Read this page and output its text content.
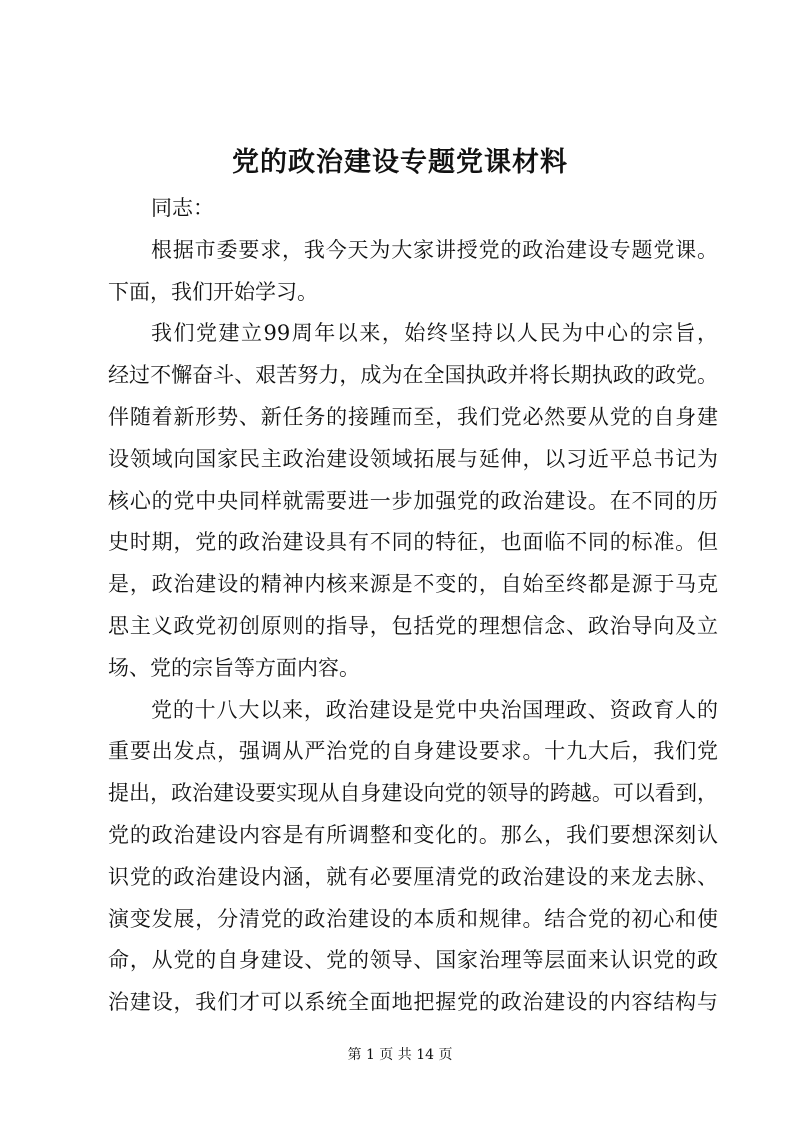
党的政治建设专题党课材料
同志：
根据市委要求，我今天为大家讲授党的政治建设专题党课。
下面，我们开始学习。
我们党建立99周年以来，始终坚持以人民为中心的宗旨，
经过不懈奋斗、艰苦努力，成为在全国执政并将长期执政的政党。
伴随着新形势、新任务的接踵而至，我们党必然要从党的自身建
设领域向国家民主政治建设领域拓展与延伸，以习近平总书记为
核心的党中央同样就需要进一步加强党的政治建设。在不同的历
史时期，党的政治建设具有不同的特征，也面临不同的标准。但
是，政治建设的精神内核来源是不变的，自始至终都是源于马克
思主义政党初创原则的指导，包括党的理想信念、政治导向及立
场、党的宗旨等方面内容。
党的十八大以来，政治建设是党中央治国理政、资政育人的
重要出发点，强调从严治党的自身建设要求。十九大后，我们党
提出，政治建设要实现从自身建设向党的领导的跨越。可以看到，
党的政治建设内容是有所调整和变化的。那么，我们要想深刻认
识党的政治建设内涵，就有必要厘清党的政治建设的来龙去脉、
演变发展，分清党的政治建设的本质和规律。结合党的初心和使
命，从党的自身建设、党的领导、国家治理等层面来认识党的政
治建设，我们才可以系统全面地把握党的政治建设的内容结构与
第 1 页 共 14 页
